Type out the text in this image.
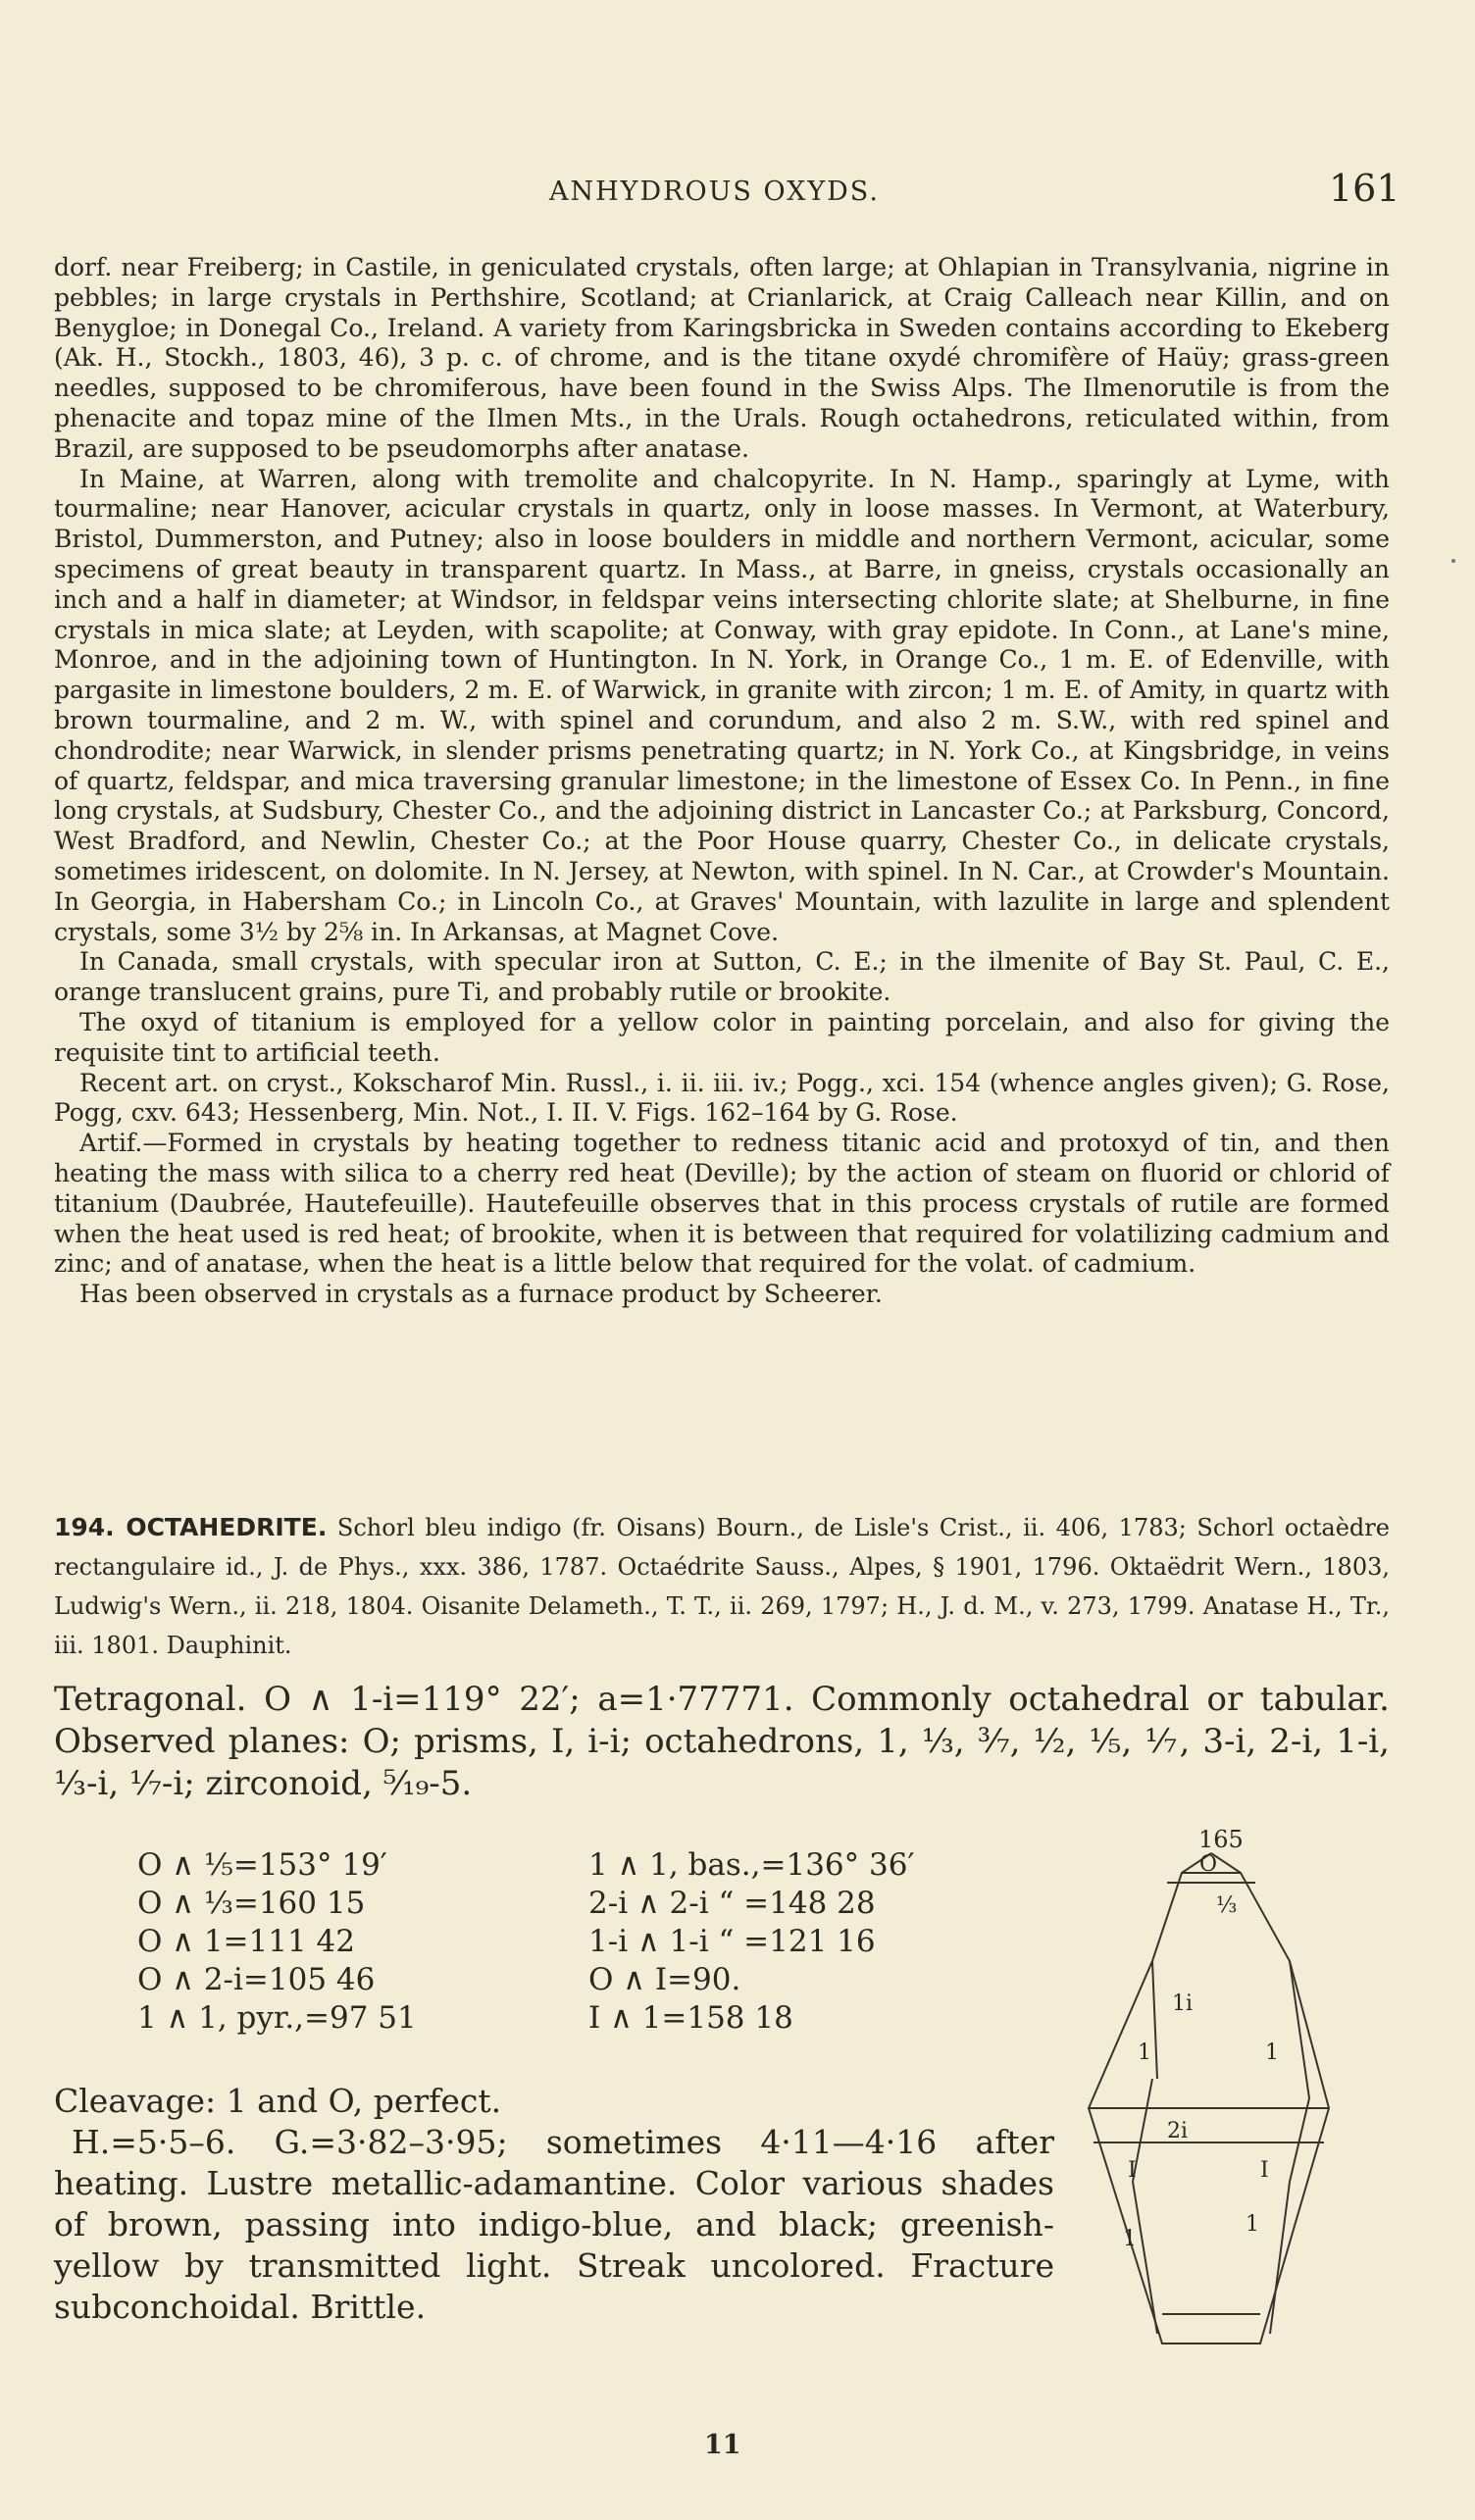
ANHYDROUS OXYDS.	161

dorf. near Freiberg; in Castile, in geniculated crystals, often large; at Ohlapian in Transylvania, nigrine in pebbles; in large crystals in Perthshire, Scotland; at Crianlarick, at Craig Calleach near Killin, and on Benygloe; in Donegal Co., Ireland. A variety from Karingsbricka in Sweden contains according to Ekeberg (Ak. H., Stockh., 1803, 46), 3 p. c. of chrome, and is the titane oxydé chromifère of Haüy; grass-green needles, supposed to be chromiferous, have been found in the Swiss Alps. The Ilmenorutile is from the phenacite and topaz mine of the Ilmen Mts., in the Urals. Rough octahedrons, reticulated within, from Brazil, are supposed to be pseudomorphs after anatase.

In Maine, at Warren, along with tremolite and chalcopyrite. In N. Hamp., sparingly at Lyme, with tourmaline; near Hanover, acicular crystals in quartz, only in loose masses. In Vermont, at Waterbury, Bristol, Dummerston, and Putney; also in loose boulders in middle and northern Vermont, acicular, some specimens of great beauty in transparent quartz. In Mass., at Barre, in gneiss, crystals occasionally an inch and a half in diameter; at Windsor, in feldspar veins intersecting chlorite slate; at Shelburne, in fine crystals in mica slate; at Leyden, with scapolite; at Conway, with gray epidote. In Conn., at Lane's mine, Monroe, and in the adjoining town of Huntington. In N. York, in Orange Co., 1 m. E. of Edenville, with pargasite in limestone boulders, 2 m. E. of Warwick, in granite with zircon; 1 m. E. of Amity, in quartz with brown tourmaline, and 2 m. W., with spinel and corundum, and also 2 m. S.W., with red spinel and chondrodite; near Warwick, in slender prisms penetrating quartz; in N. York Co., at Kingsbridge, in veins of quartz, feldspar, and mica traversing granular limestone; in the limestone of Essex Co. In Penn., in fine long crystals, at Sudsbury, Chester Co., and the adjoining district in Lancaster Co.; at Parksburg, Concord, West Bradford, and Newlin, Chester Co.; at the Poor House quarry, Chester Co., in delicate crystals, sometimes iridescent, on dolomite. In N. Jersey, at Newton, with spinel. In N. Car., at Crowder's Mountain. In Georgia, in Habersham Co.; in Lincoln Co., at Graves' Mountain, with lazulite in large and splendent crystals, some 3½ by 2⅝ in. In Arkansas, at Magnet Cove.

In Canada, small crystals, with specular iron at Sutton, C. E.; in the ilmenite of Bay St. Paul, C. E., orange translucent grains, pure Ti, and probably rutile or brookite.

The oxyd of titanium is employed for a yellow color in painting porcelain, and also for giving the requisite tint to artificial teeth.

Recent art. on cryst., Kokscharof Min. Russl., i. ii. iii. iv.; Pogg., xci. 154 (whence angles given); G. Rose, Pogg, cxv. 643; Hessenberg, Min. Not., I. II. V. Figs. 162–164 by G. Rose.

Artif.—Formed in crystals by heating together to redness titanic acid and protoxyd of tin, and then heating the mass with silica to a cherry red heat (Deville); by the action of steam on fluorid or chlorid of titanium (Daubrée, Hautefeuille). Hautefeuille observes that in this process crystals of rutile are formed when the heat used is red heat; of brookite, when it is between that required for volatilizing cadmium and zinc; and of anatase, when the heat is a little below that required for the volat. of cadmium.

Has been observed in crystals as a furnace product by Scheerer.

194. OCTAHEDRITE. Schorl bleu indigo (fr. Oisans) Bourn., de Lisle's Crist., ii. 406, 1783; Schorl octaèdre rectangulaire id., J. de Phys., xxx. 386, 1787. Octaédrite Sauss., Alpes, § 1901, 1796. Oktaëdrit Wern., 1803, Ludwig's Wern., ii. 218, 1804. Oisanite Delameth., T. T., ii. 269, 1797; H., J. d. M., v. 273, 1799. Anatase H., Tr., iii. 1801. Dauphinit.
Tetragonal. O ∧ 1-i=119° 22′; a=1·77771. Commonly octahedral or tabular. Observed planes: O; prisms, I, i-i; octahedrons, 1, ⅓, ³⁄₇, ½, ⅕, ⅐, 3-i, 2-i, 1-i, ⅓-i, ⅐-i; zirconoid, ⁵⁄₁₉-5.
O ∧ ⅕=153° 19′	1 ∧ 1, bas.,=136° 36′
O ∧ ⅓=160 15	2-i ∧ 2-i “ =148 28
O ∧ 1=111 42	1-i ∧ 1-i “ =121 16
O ∧ 2-i=105 46	O ∧ I=90.
1 ∧ 1, pyr.,=97 51	I ∧ 1=158 18

Cleavage: 1 and O, perfect.

H.=5·5–6. G.=3·82–3·95; sometimes 4·11—4·16 after heating. Lustre metallic-adamantine. Color various shades of brown, passing into indigo-blue, and black; greenish-yellow by transmitted light. Streak uncolored. Fracture subconchoidal. Brittle.

165
O
⅓
1i
1	1
2i
I	I
1
1
11
